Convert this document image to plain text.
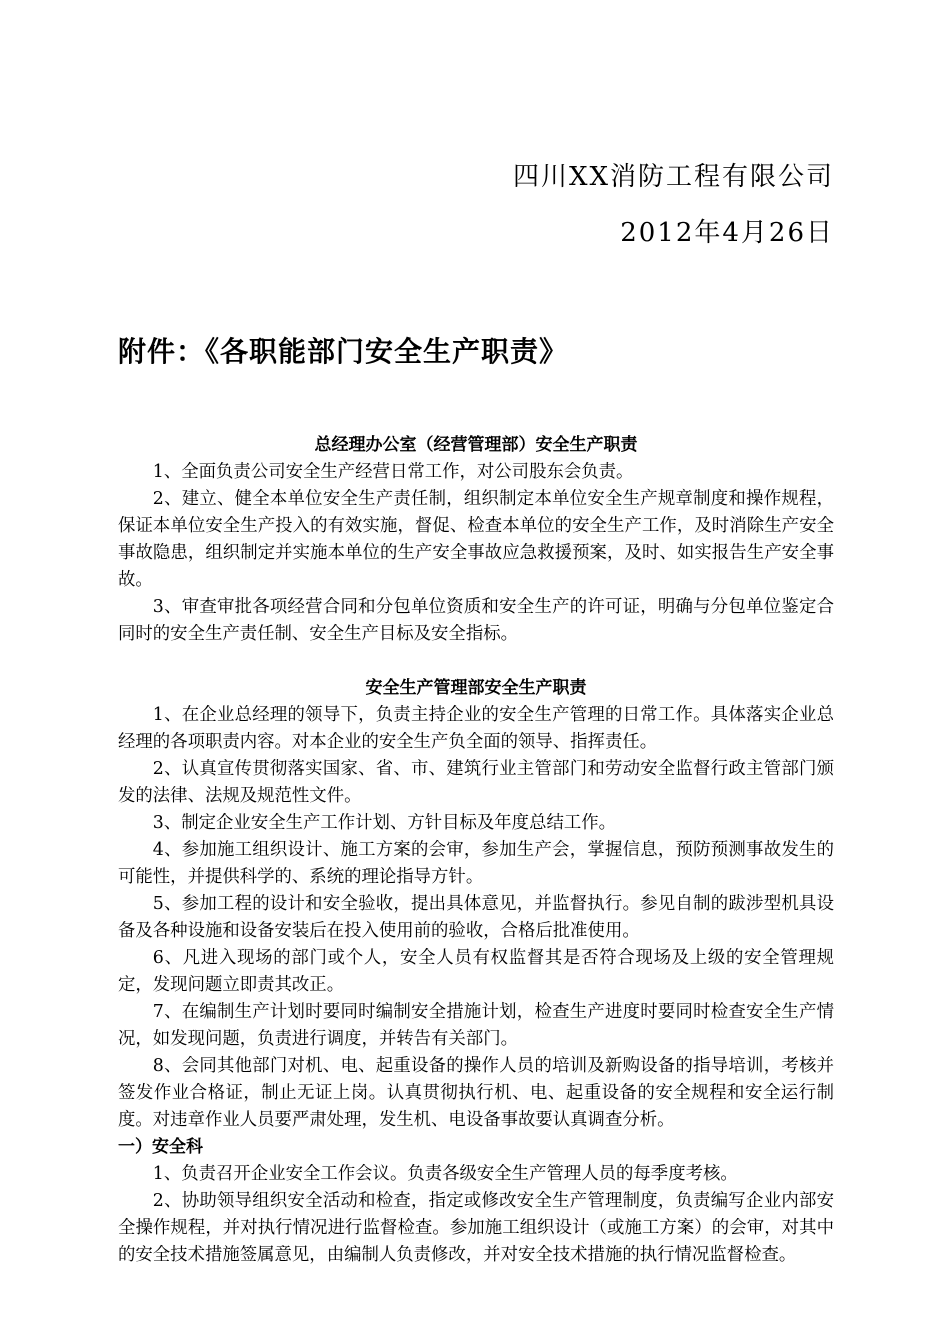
四川XX消防工程有限公司
2012年4月26日
附件：《各职能部门安全生产职责》
总经理办公室（经营管理部）安全生产职责

1、全面负责公司安全生产经营日常工作，对公司股东会负责。

2、建立、健全本单位安全生产责任制，组织制定本单位安全生产规章制度和操作规程，保证本单位安全生产投入的有效实施，督促、检查本单位的安全生产工作，及时消除生产安全事故隐患，组织制定并实施本单位的生产安全事故应急救援预案，及时、如实报告生产安全事故。

3、审查审批各项经营合同和分包单位资质和安全生产的许可证，明确与分包单位鉴定合同时的安全生产责任制、安全生产目标及安全指标。

安全生产管理部安全生产职责

1、在企业总经理的领导下，负责主持企业的安全生产管理的日常工作。具体落实企业总经理的各项职责内容。对本企业的安全生产负全面的领导、指挥责任。

2、认真宣传贯彻落实国家、省、市、建筑行业主管部门和劳动安全监督行政主管部门颁发的法律、法规及规范性文件。

3、制定企业安全生产工作计划、方针目标及年度总结工作。

4、参加施工组织设计、施工方案的会审，参加生产会，掌握信息，预防预测事故发生的可能性，并提供科学的、系统的理论指导方针。

5、参加工程的设计和安全验收，提出具体意见，并监督执行。参见自制的跋涉型机具设备及各种设施和设备安装后在投入使用前的验收，合格后批准使用。

6、凡进入现场的部门或个人，安全人员有权监督其是否符合现场及上级的安全管理规定，发现问题立即责其改正。

7、在编制生产计划时要同时编制安全措施计划，检查生产进度时要同时检查安全生产情况，如发现问题，负责进行调度，并转告有关部门。

8、会同其他部门对机、电、起重设备的操作人员的培训及新购设备的指导培训，考核并签发作业合格证，制止无证上岗。认真贯彻执行机、电、起重设备的安全规程和安全运行制度。对违章作业人员要严肃处理，发生机、电设备事故要认真调查分析。

一）安全科

1、负责召开企业安全工作会议。负责各级安全生产管理人员的每季度考核。

2、协助领导组织安全活动和检查，指定或修改安全生产管理制度，负责编写企业内部安全操作规程，并对执行情况进行监督检查。参加施工组织设计（或施工方案）的会审，对其中的安全技术措施签属意见，由编制人负责修改，并对安全技术措施的执行情况监督检查。
